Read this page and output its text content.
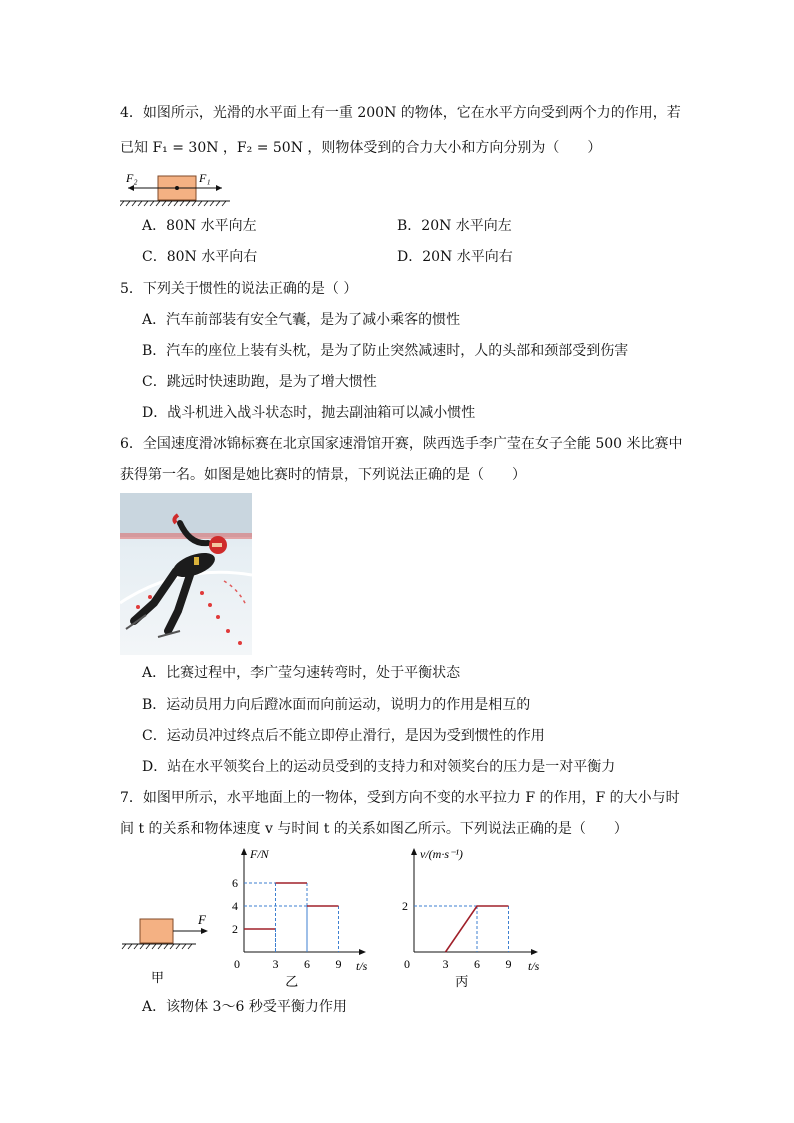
4．如图所示，光滑的水平面上有一重 200N 的物体，它在水平方向受到两个力的作用，若
已知 F₁ = 30N ，F₂ = 50N ，则物体受到的合力大小和方向分别为（　　）
F₂	F₁
A．80N 水平向左	B．20N 水平向左
C．80N 水平向右	D．20N 水平向右
5．下列关于惯性的说法正确的是（ ）
A．汽车前部装有安全气囊，是为了减小乘客的惯性
B．汽车的座位上装有头枕，是为了防止突然减速时，人的头部和颈部受到伤害
C．跳远时快速助跑，是为了增大惯性
D．战斗机进入战斗状态时，抛去副油箱可以减小惯性
6．全国速度滑冰锦标赛在北京国家速滑馆开赛，陕西选手李广莹在女子全能 500 米比赛中
获得第一名。如图是她比赛时的情景，下列说法正确的是（　　）
A．比赛过程中，李广莹匀速转弯时，处于平衡状态
B．运动员用力向后蹬冰面而向前运动，说明力的作用是相互的
C．运动员冲过终点后不能立即停止滑行，是因为受到惯性的作用
D．站在水平领奖台上的运动员受到的支持力和对领奖台的压力是一对平衡力
7．如图甲所示，水平地面上的一物体，受到方向不变的水平拉力 F 的作用，F 的大小与时
间 t 的关系和物体速度 v 与时间 t 的关系如图乙所示。下列说法正确的是（　　）
F
甲
F/N
t/s
0	3 6 9
2
4
6
乙
v/(m·s⁻¹)
t/s
0	3 6 9
2
丙
A．该物体 3～6 秒受平衡力作用
